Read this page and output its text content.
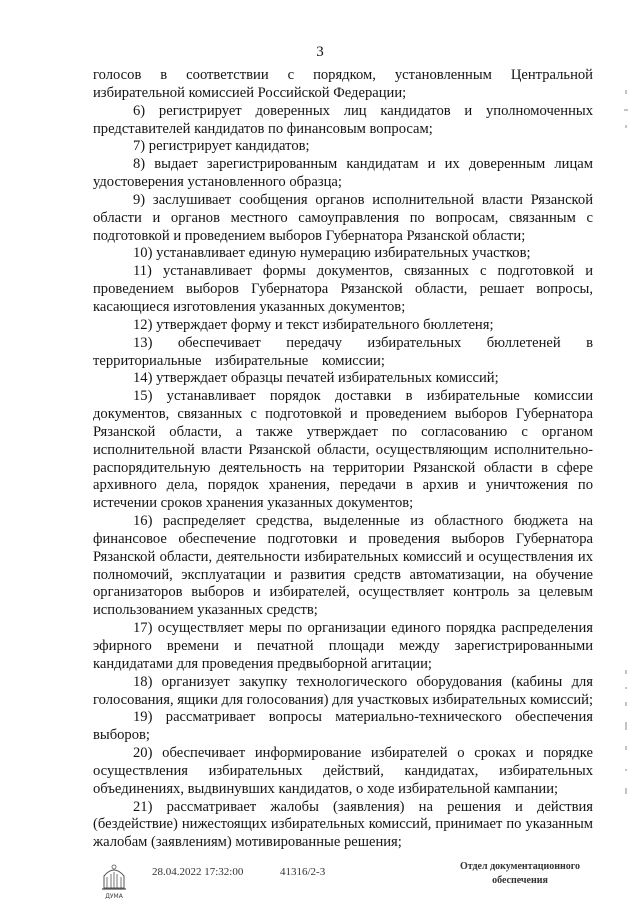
3

голосов в соответствии с порядком, установленным Центральной избирательной комиссией Российской Федерации;

6) регистрирует доверенных лиц кандидатов и уполномоченных представителей кандидатов по финансовым вопросам;

7) регистрирует кандидатов;

8) выдает зарегистрированным кандидатам и их доверенным лицам удостоверения установленного образца;

9) заслушивает сообщения органов исполнительной власти Рязанской области и органов местного самоуправления по вопросам, связанным с подготовкой и проведением выборов Губернатора Рязанской области;

10) устанавливает единую нумерацию избирательных участков;

11) устанавливает формы документов, связанных с подготовкой и проведением выборов Губернатора Рязанской области, решает вопросы, касающиеся изготовления указанных документов;

12) утверждает форму и текст избирательного бюллетеня;

13) обеспечивает передачу избирательных бюллетеней в территориальные избирательные комиссии;

14) утверждает образцы печатей избирательных комиссий;

15) устанавливает порядок доставки в избирательные комиссии документов, связанных с подготовкой и проведением выборов Губернатора Рязанской области, а также утверждает по согласованию с органом исполнительной власти Рязанской области, осуществляющим исполнительно-распорядительную деятельность на территории Рязанской области в сфере архивного дела, порядок хранения, передачи в архив и уничтожения по истечении сроков хранения указанных документов;

16) распределяет средства, выделенные из областного бюджета на финансовое обеспечение подготовки и проведения выборов Губернатора Рязанской области, деятельности избирательных комиссий и осуществления их полномочий, эксплуатации и развития средств автоматизации, на обучение организаторов выборов и избирателей, осуществляет контроль за целевым использованием указанных средств;

17) осуществляет меры по организации единого порядка распределения эфирного времени и печатной площади между зарегистрированными кандидатами для проведения предвыборной агитации;

18) организует закупку технологического оборудования (кабины для голосования, ящики для голосования) для участковых избирательных комиссий;

19) рассматривает вопросы материально-технического обеспечения выборов;

20) обеспечивает информирование избирателей о сроках и порядке осуществления избирательных действий, кандидатах, избирательных объединениях, выдвинувших кандидатов, о ходе избирательной кампании;

21) рассматривает жалобы (заявления) на решения и действия (бездействие) нижестоящих избирательных комиссий, принимает по указанным жалобам (заявлениям) мотивированные решения;

ДУМА
28.04.2022 17:32:00	41316/2-3	Отдел документационного
обеспечения
